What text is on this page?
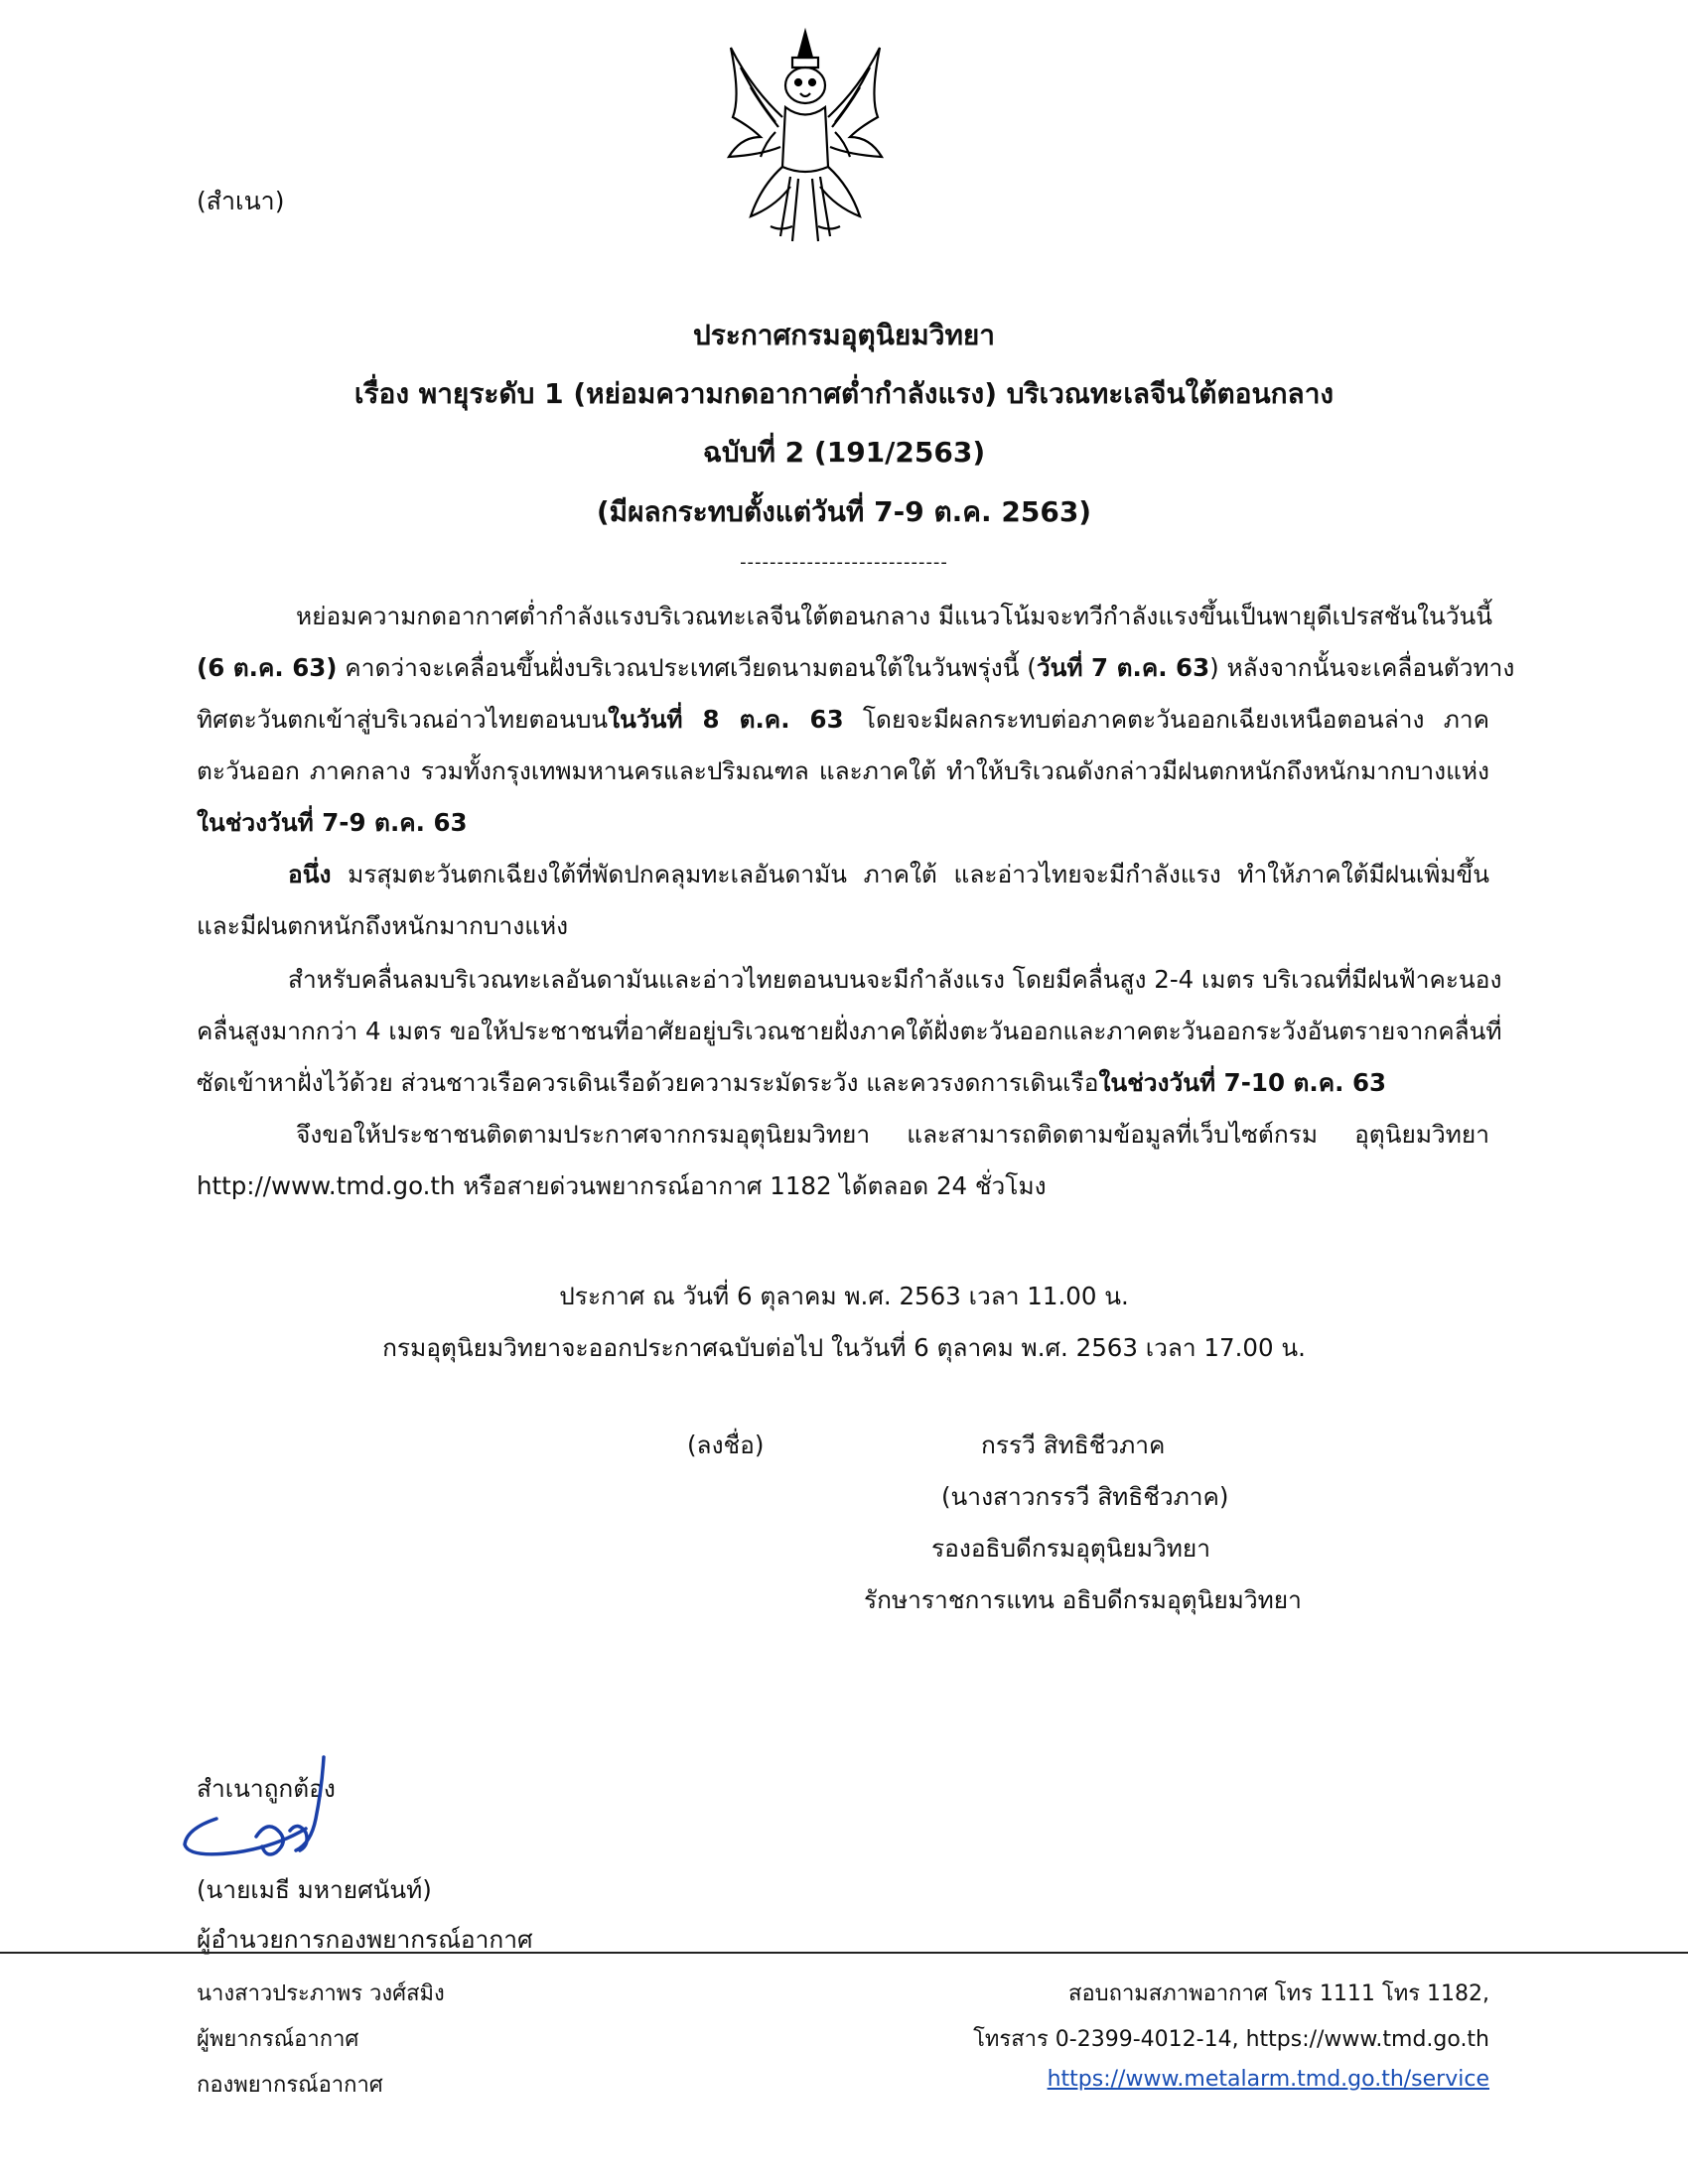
(สำเนา)
ประกาศกรมอุตุนิยมวิทยา
เรื่อง พายุระดับ 1 (หย่อมความกดอากาศต่ำกำลังแรง) บริเวณทะเลจีนใต้ตอนกลาง
ฉบับที่ 2 (191/2563)
(มีผลกระทบตั้งแต่วันที่ 7-9 ต.ค. 2563)
----------------------------
หย่อมความกดอากาศต่ำกำลังแรงบริเวณทะเลจีนใต้ตอนกลาง มีแนวโน้มจะทวีกำลังแรงขึ้นเป็นพายุดีเปรสชันในวันนี้
(6 ต.ค. 63) คาดว่าจะเคลื่อนขึ้นฝั่งบริเวณประเทศเวียดนามตอนใต้ในวันพรุ่งนี้ (วันที่ 7 ต.ค. 63) หลังจากนั้นจะเคลื่อนตัวทาง
ทิศตะวันตกเข้าสู่บริเวณอ่าวไทยตอนบนในวันที่ 8 ต.ค. 63 โดยจะมีผลกระทบต่อภาคตะวันออกเฉียงเหนือตอนล่าง ภาค
ตะวันออก ภาคกลาง รวมทั้งกรุงเทพมหานครและปริมณฑล และภาคใต้ ทำให้บริเวณดังกล่าวมีฝนตกหนักถึงหนักมากบางแห่ง
ในช่วงวันที่ 7-9 ต.ค. 63
อนึ่ง มรสุมตะวันตกเฉียงใต้ที่พัดปกคลุมทะเลอันดามัน ภาคใต้ และอ่าวไทยจะมีกำลังแรง ทำให้ภาคใต้มีฝนเพิ่มขึ้น
และมีฝนตกหนักถึงหนักมากบางแห่ง
สำหรับคลื่นลมบริเวณทะเลอันดามันและอ่าวไทยตอนบนจะมีกำลังแรง โดยมีคลื่นสูง 2-4 เมตร บริเวณที่มีฝนฟ้าคะนอง
คลื่นสูงมากกว่า 4 เมตร ขอให้ประชาชนที่อาศัยอยู่บริเวณชายฝั่งภาคใต้ฝั่งตะวันออกและภาคตะวันออกระวังอันตรายจากคลื่นที่
ซัดเข้าหาฝั่งไว้ด้วย ส่วนชาวเรือควรเดินเรือด้วยความระมัดระวัง และควรงดการเดินเรือในช่วงวันที่ 7-10 ต.ค. 63
จึงขอให้ประชาชนติดตามประกาศจากกรมอุตุนิยมวิทยา และสามารถติดตามข้อมูลที่เว็บไซต์กรม อุตุนิยมวิทยา
http://www.tmd.go.th หรือสายด่วนพยากรณ์อากาศ 1182 ได้ตลอด 24 ชั่วโมง
ประกาศ ณ วันที่ 6 ตุลาคม พ.ศ. 2563 เวลา 11.00 น.
กรมอุตุนิยมวิทยาจะออกประกาศฉบับต่อไป ในวันที่ 6 ตุลาคม พ.ศ. 2563 เวลา 17.00 น.
(ลงชื่อ)	กรรวี สิทธิชีวภาค
(นางสาวกรรวี สิทธิชีวภาค)
รองอธิบดีกรมอุตุนิยมวิทยา
รักษาราชการแทน อธิบดีกรมอุตุนิยมวิทยา
สำเนาถูกต้อง
(นายเมธี มหายศนันท์)
ผู้อำนวยการกองพยากรณ์อากาศ
นางสาวประภาพร วงศ์สมิง
ผู้พยากรณ์อากาศ
กองพยากรณ์อากาศ
สอบถามสภาพอากาศ โทร 1111 โทร 1182,
โทรสาร 0-2399-4012-14, https://www.tmd.go.th
https://www.metalarm.tmd.go.th/service
